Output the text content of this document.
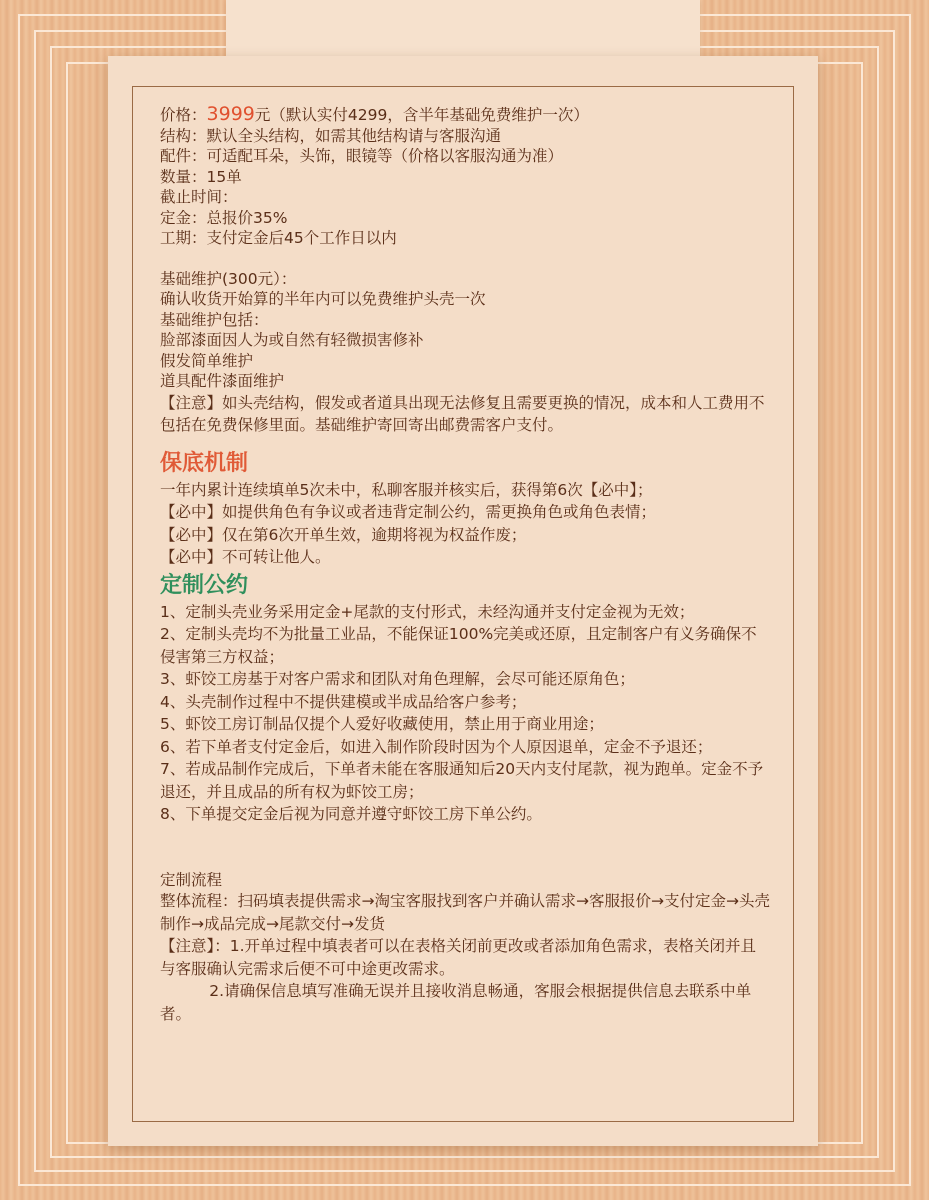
价格：3999元（默认实付4299，含半年基础免费维护一次）
结构：默认全头结构，如需其他结构请与客服沟通
配件：可适配耳朵，头饰，眼镜等（价格以客服沟通为准）
数量：15单
截止时间：
定金：总报价35%
工期：支付定金后45个工作日以内
基础维护(300元）：
确认收货开始算的半年内可以免费维护头壳一次
基础维护包括：
脸部漆面因人为或自然有轻微损害修补
假发简单维护
道具配件漆面维护
【注意】如头壳结构，假发或者道具出现无法修复且需要更换的情况，成本和人工费用不包括在免费保修里面。基础维护寄回寄出邮费需客户支付。
保底机制
一年内累计连续填单5次未中，私聊客服并核实后，获得第6次【必中】；
【必中】如提供角色有争议或者违背定制公约，需更换角色或角色表情；
【必中】仅在第6次开单生效，逾期将视为权益作废；
【必中】不可转让他人。
定制公约
1、定制头壳业务采用定金+尾款的支付形式，未经沟通并支付定金视为无效；
2、定制头壳均不为批量工业品，不能保证100%完美或还原，且定制客户有义务确保不侵害第三方权益；
3、虾饺工房基于对客户需求和团队对角色理解，会尽可能还原角色；
4、头壳制作过程中不提供建模或半成品给客户参考；
5、虾饺工房订制品仅提个人爱好收藏使用，禁止用于商业用途；
6、若下单者支付定金后，如进入制作阶段时因为个人原因退单，定金不予退还；
7、若成品制作完成后，下单者未能在客服通知后20天内支付尾款，视为跑单。定金不予退还，并且成品的所有权为虾饺工房；
8、下单提交定金后视为同意并遵守虾饺工房下单公约。
定制流程
整体流程：扫码填表提供需求→淘宝客服找到客户并确认需求→客服报价→支付定金→头壳制作→成品完成→尾款交付→发货
【注意】：1.开单过程中填表者可以在表格关闭前更改或者添加角色需求，表格关闭并且与客服确认完需求后便不可中途更改需求。
2.请确保信息填写准确无误并且接收消息畅通，客服会根据提供信息去联系中单者。
